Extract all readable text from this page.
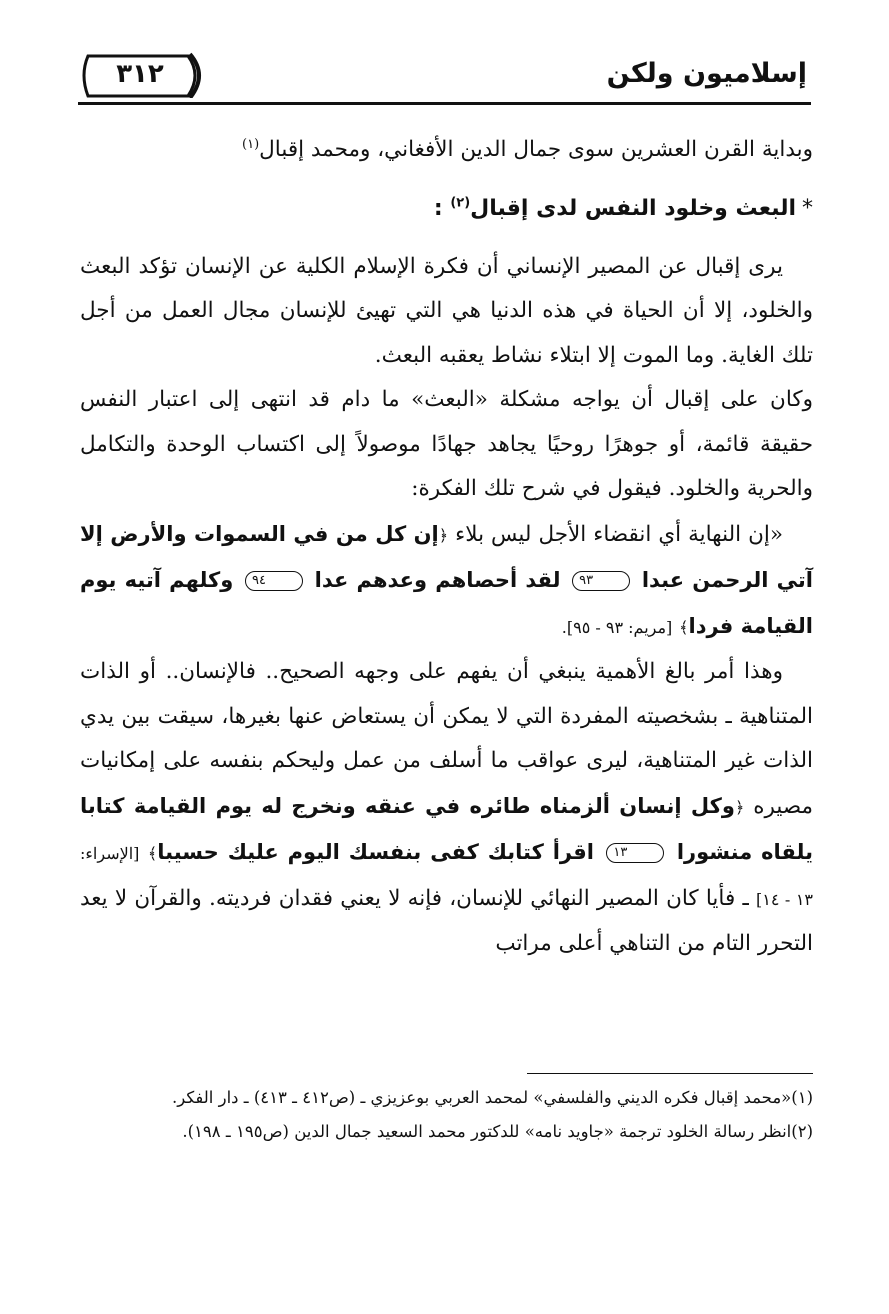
إسلاميون ولكن
٣١٢

وبداية القرن العشرين سوى جمال الدين الأفغاني، ومحمد إقبال$^{(١)}$

*البعث وخلود النفس لدى إقبال$^{(٢)}$ :

يرى إقبال عن المصير الإنساني أن فكرة الإسلام الكلية عن الإنسان تؤكد البعث والخلود، إلا أن الحياة في هذه الدنيا هي التي تهيئ للإنسان مجال العمل من أجل تلك الغاية. وما الموت إلا ابتلاء نشاط يعقبه البعث.

وكان على إقبال أن يواجه مشكلة «البعث» ما دام قد انتهى إلى اعتبار النفس حقيقة قائمة، أو جوهرًا روحيًا يجاهد جهادًا موصولاً إلى اكتساب الوحدة والتكامل والحرية والخلود. فيقول في شرح تلك الفكرة:

«إن النهاية أي انقضاء الأجل ليس بلاء ﴿إن كل من في السموات والأرض إلا آتي الرحمن عبدا ٩٣ لقد أحصاهم وعدهم عدا ٩٤ وكلهم آتيه يوم القيامة فردا﴾ [مريم: ٩٣ - ٩٥].

وهذا أمر بالغ الأهمية ينبغي أن يفهم على وجهه الصحيح.. فالإنسان.. أو الذات المتناهية ـ بشخصيته المفردة التي لا يمكن أن يستعاض عنها بغيرها، سيقت بين يدي الذات غير المتناهية، ليرى عواقب ما أسلف من عمل وليحكم بنفسه على إمكانيات مصيره ﴿وكل إنسان ألزمناه طائره في عنقه ونخرج له يوم القيامة كتابا يلقاه منشورا ١٣ اقرأ كتابك كفى بنفسك اليوم عليك حسيبا﴾ [الإسراء: ١٣ - ١٤] ـ فأيا كان المصير النهائي للإنسان، فإنه لا يعني فقدان فرديته. والقرآن لا يعد التحرر التام من التناهي أعلى مراتب

(١)«محمد إقبال فكره الديني والفلسفي» لمحمد العربي بوعزيزي ـ (ص٤١٢ ـ ٤١٣) ـ دار الفكر.

(٢)انظر رسالة الخلود ترجمة «جاويد نامه» للدكتور محمد السعيد جمال الدين (ص١٩٥ ـ ١٩٨).
